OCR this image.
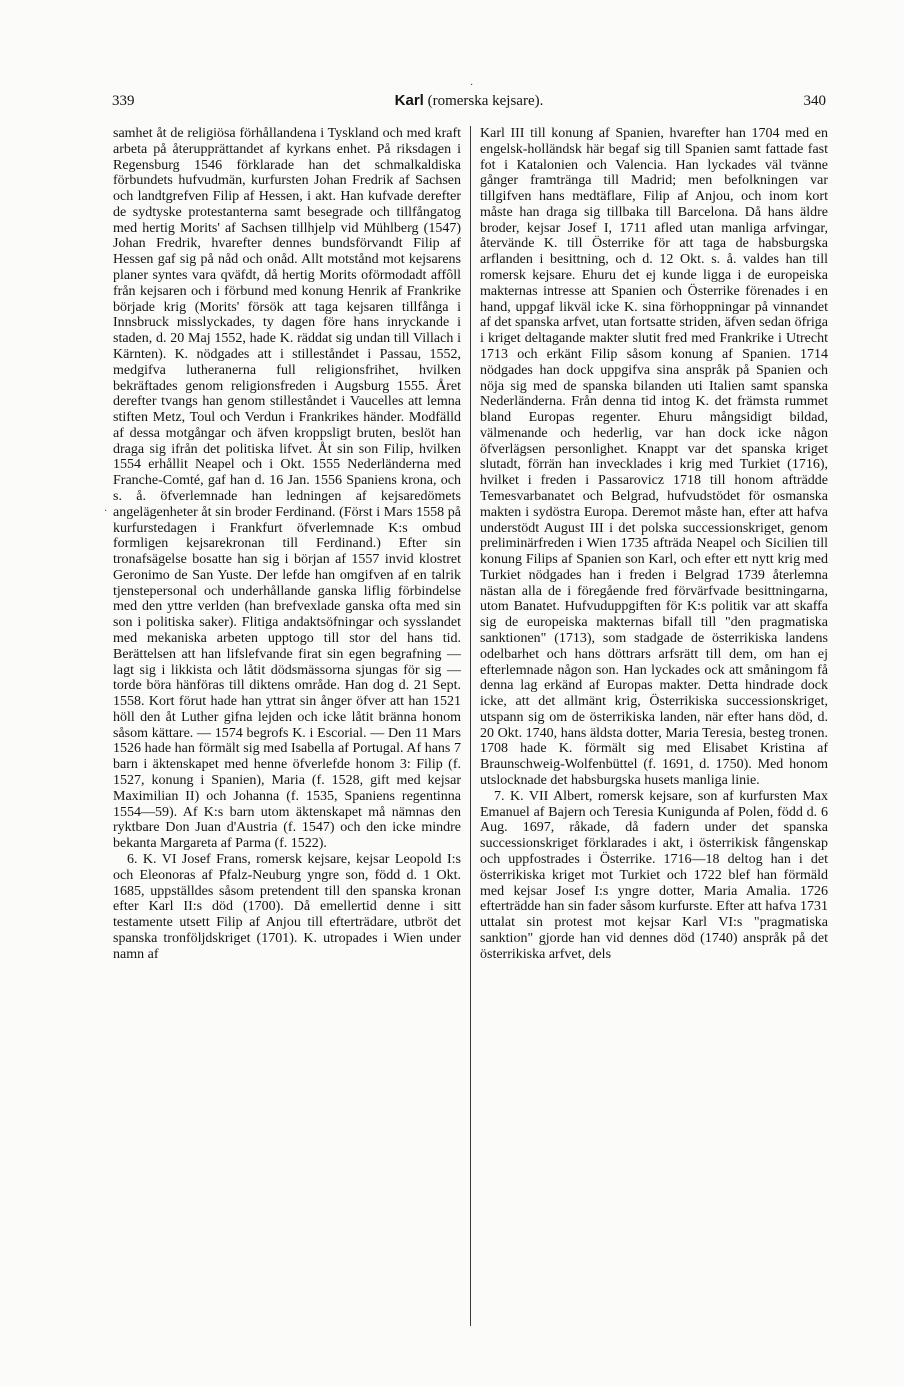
339	Karl (romerska kejsare).	340
·
·

samhet åt de religiösa förhållandena i Tyskland och med kraft arbeta på återupprättandet af kyrkans enhet. På riksdagen i Regensburg 1546 förklarade han det schmalkaldiska förbundets hufvudmän, kurfursten Johan Fredrik af Sachsen och landtgrefven Filip af Hessen, i akt. Han kufvade derefter de sydtyske protestanterna samt besegrade och tillfångatog med hertig Morits' af Sachsen tillhjelp vid Mühlberg (1547) Johan Fredrik, hvarefter dennes bundsförvandt Filip af Hessen gaf sig på nåd och onåd. Allt motstånd mot kejsarens planer syntes vara qväfdt, då hertig Morits oförmodadt affôll från kejsaren och i förbund med konung Henrik af Frankrike började krig (Morits' försök att taga kejsaren tillfånga i Innsbruck misslyckades, ty dagen före hans inryckande i staden, d. 20 Maj 1552, hade K. räddat sig undan till Villach i Kärnten). K. nödgades att i stilleståndet i Passau, 1552, medgifva lutheranerna full religionsfrihet, hvilken bekräftades genom religionsfreden i Augsburg 1555. Året derefter tvangs han genom stilleståndet i Vaucelles att lemna stiften Metz, Toul och Verdun i Frankrikes händer. Modfälld af dessa motgångar och äfven kroppsligt bruten, beslöt han draga sig ifrån det politiska lifvet. Åt sin son Filip, hvilken 1554 erhållit Neapel och i Okt. 1555 Nederländerna med Franche-Comté, gaf han d. 16 Jan. 1556 Spaniens krona, och s. å. öfverlemnade han ledningen af kejsaredömets angelägenheter åt sin broder Ferdinand. (Först i Mars 1558 på kurfurstedagen i Frankfurt öfverlemnade K:s ombud formligen kejsarekronan till Ferdinand.) Efter sin tronafsägelse bosatte han sig i början af 1557 invid klostret Geronimo de San Yuste. Der lefde han omgifven af en talrik tjenstepersonal och underhållande ganska liflig förbindelse med den yttre verlden (han brefvexlade ganska ofta med sin son i politiska saker). Flitiga andaktsöfningar och sysslandet med mekaniska arbeten upptogo till stor del hans tid. Berättelsen att han lifslefvande firat sin egen begrafning — lagt sig i likkista och låtit dödsmässorna sjungas för sig — torde böra hänföras till diktens område. Han dog d. 21 Sept. 1558. Kort förut hade han yttrat sin ånger öfver att han 1521 höll den åt Luther gifna lejden och icke låtit bränna honom såsom kättare. — 1574 begrofs K. i Escorial. — Den 11 Mars 1526 hade han förmält sig med Isabella af Portugal. Af hans 7 barn i äktenskapet med henne öfverlefde honom 3: Filip (f. 1527, konung i Spanien), Maria (f. 1528, gift med kejsar Maximilian II) och Johanna (f. 1535, Spaniens regentinna 1554—59). Af K:s barn utom äktenskapet må nämnas den ryktbare Don Juan d'Austria (f. 1547) och den icke mindre bekanta Margareta af Parma (f. 1522).

6. K. VI Josef Frans, romersk kejsare, kejsar Leopold I:s och Eleonoras af Pfalz-Neuburg yngre son, född d. 1 Okt. 1685, uppställdes såsom pretendent till den spanska kronan efter Karl II:s död (1700). Då emellertid denne i sitt testamente utsett Filip af Anjou till efterträdare, utbröt det spanska tronföljdskriget (1701). K. utropades i Wien under namn af

Karl III till konung af Spanien, hvarefter han 1704 med en engelsk-holländsk här begaf sig till Spanien samt fattade fast fot i Katalonien och Valencia. Han lyckades väl tvänne gånger framtränga till Madrid; men befolkningen var tillgifven hans medtäflare, Filip af Anjou, och inom kort måste han draga sig tillbaka till Barcelona. Då hans äldre broder, kejsar Josef I, 1711 afled utan manliga arfvingar, återvände K. till Österrike för att taga de habsburgska arflanden i besittning, och d. 12 Okt. s. å. valdes han till romersk kejsare. Ehuru det ej kunde ligga i de europeiska makternas intresse att Spanien och Österrike förenades i en hand, uppgaf likväl icke K. sina förhoppningar på vinnandet af det spanska arfvet, utan fortsatte striden, äfven sedan öfriga i kriget deltagande makter slutit fred med Frankrike i Utrecht 1713 och erkänt Filip såsom konung af Spanien. 1714 nödgades han dock uppgifva sina anspråk på Spanien och nöja sig med de spanska bilanden uti Italien samt spanska Nederländerna. Från denna tid intog K. det främsta rummet bland Europas regenter. Ehuru mångsidigt bildad, välmenande och hederlig, var han dock icke någon öfverlägsen personlighet. Knappt var det spanska kriget slutadt, förrän han invecklades i krig med Turkiet (1716), hvilket i freden i Passarovicz 1718 till honom afträdde Temesvarbanatet och Belgrad, hufvudstödet för osmanska makten i sydöstra Europa. Deremot måste han, efter att hafva understödt August III i det polska successionskriget, genom preliminärfreden i Wien 1735 afträda Neapel och Sicilien till konung Filips af Spanien son Karl, och efter ett nytt krig med Turkiet nödgades han i freden i Belgrad 1739 återlemna nästan alla de i föregående fred förvärfvade besittningarna, utom Banatet. Hufvuduppgiften för K:s politik var att skaffa sig de europeiska makternas bifall till "den pragmatiska sanktionen" (1713), som stadgade de österrikiska landens odelbarhet och hans döttrars arfsrätt till dem, om han ej efterlemnade någon son. Han lyckades ock att småningom få denna lag erkänd af Europas makter. Detta hindrade dock icke, att det allmänt krig, Österrikiska successionskriget, utspann sig om de österrikiska landen, när efter hans död, d. 20 Okt. 1740, hans äldsta dotter, Maria Teresia, besteg tronen. 1708 hade K. förmält sig med Elisabet Kristina af Braunschweig-Wolfenbüttel (f. 1691, d. 1750). Med honom utslocknade det habsburgska husets manliga linie.

7. K. VII Albert, romersk kejsare, son af kurfursten Max Emanuel af Bajern och Teresia Kunigunda af Polen, född d. 6 Aug. 1697, råkade, då fadern under det spanska successionskriget förklarades i akt, i österrikisk fångenskap och uppfostrades i Österrike. 1716—18 deltog han i det österrikiska kriget mot Turkiet och 1722 blef han förmäld med kejsar Josef I:s yngre dotter, Maria Amalia. 1726 efterträdde han sin fader såsom kurfurste. Efter att hafva 1731 uttalat sin protest mot kejsar Karl VI:s "pragmatiska sanktion" gjorde han vid dennes död (1740) anspråk på det österrikiska arfvet, dels
